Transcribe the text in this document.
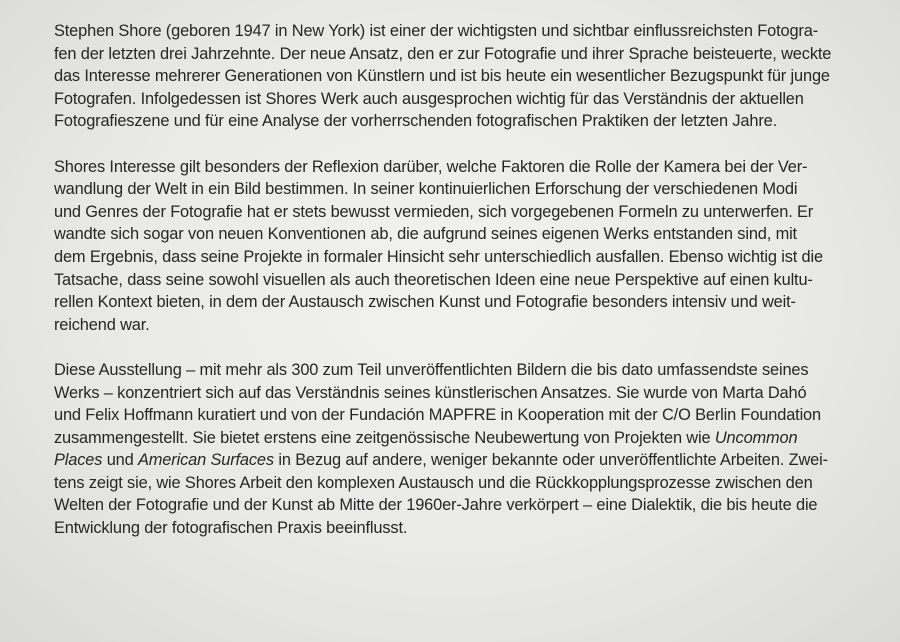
Stephen Shore (geboren 1947 in New York) ist einer der wichtigsten und sichtbar einflussreichsten Fotogra-
fen der letzten drei Jahrzehnte. Der neue Ansatz, den er zur Fotografie und ihrer Sprache beisteuerte, weckte
das Interesse mehrerer Generationen von Künstlern und ist bis heute ein wesentlicher Bezugspunkt für junge
Fotografen. Infolgedessen ist Shores Werk auch ausgesprochen wichtig für das Verständnis der aktuellen
Fotografieszene und für eine Analyse der vorherrschenden fotografischen Praktiken der letzten Jahre.

Shores Interesse gilt besonders der Reflexion darüber, welche Faktoren die Rolle der Kamera bei der Ver-
wandlung der Welt in ein Bild bestimmen. In seiner kontinuierlichen Erforschung der verschiedenen Modi
und Genres der Fotografie hat er stets bewusst vermieden, sich vorgegebenen Formeln zu unterwerfen. Er
wandte sich sogar von neuen Konventionen ab, die aufgrund seines eigenen Werks entstanden sind, mit
dem Ergebnis, dass seine Projekte in formaler Hinsicht sehr unterschiedlich ausfallen. Ebenso wichtig ist die
Tatsache, dass seine sowohl visuellen als auch theoretischen Ideen eine neue Perspektive auf einen kultu-
rellen Kontext bieten, in dem der Austausch zwischen Kunst und Fotografie besonders intensiv und weit-
reichend war.

Diese Ausstellung – mit mehr als 300 zum Teil unveröffentlichten Bildern die bis dato umfassendste seines
Werks – konzentriert sich auf das Verständnis seines künstlerischen Ansatzes. Sie wurde von Marta Dahó
und Felix Hoffmann kuratiert und von der Fundación MAPFRE in Kooperation mit der C/O Berlin Foundation
zusammengestellt. Sie bietet erstens eine zeitgenössische Neubewertung von Projekten wie Uncommon
Places und American Surfaces in Bezug auf andere, weniger bekannte oder unveröffentlichte Arbeiten. Zwei-
tens zeigt sie, wie Shores Arbeit den komplexen Austausch und die Rückkopplungsprozesse zwischen den
Welten der Fotografie und der Kunst ab Mitte der 1960er-Jahre verkörpert – eine Dialektik, die bis heute die
Entwicklung der fotografischen Praxis beeinflusst.
